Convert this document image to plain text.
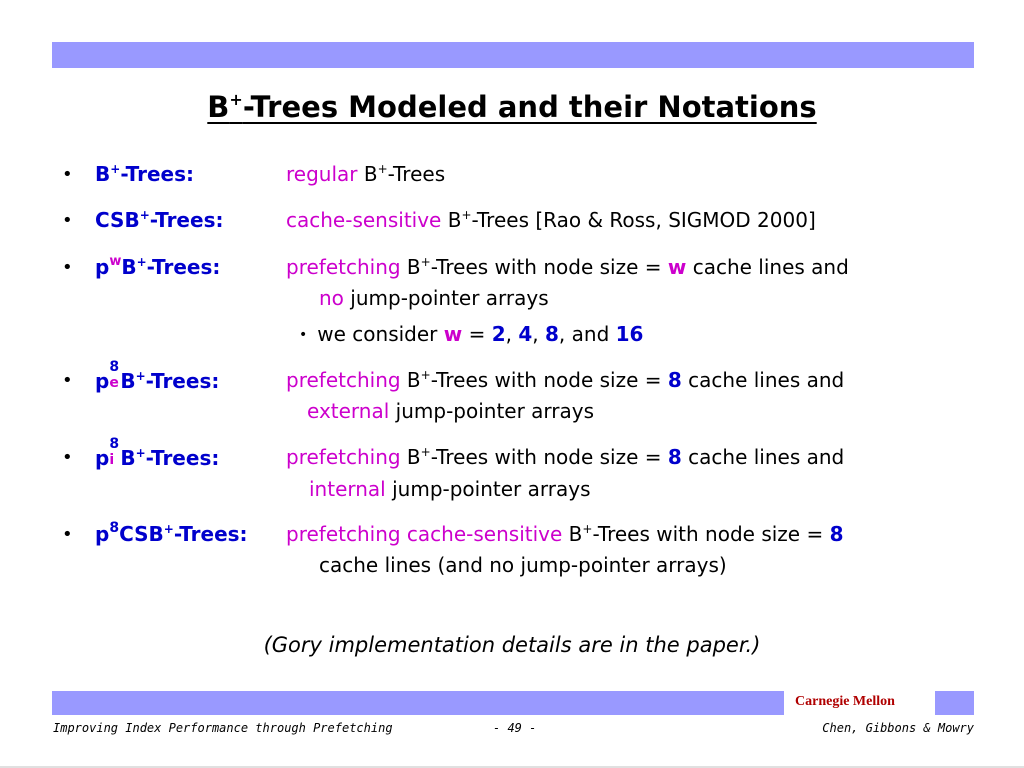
B+-Trees Modeled and their Notations
• B+-Trees:	regular B+-Trees
• CSB+-Trees:	cache-sensitive B+-Trees [Rao & Ross, SIGMOD 2000]
• $p^wB^+$-Trees:	prefetching B+-Trees with node size = w cache lines and
no jump-pointer arrays
• we consider w = 2, 4, 8, and 16
• p
8
e B+-Trees:	prefetching B+-Trees with node size = 8 cache lines and
external jump-pointer arrays
• p
8
i B+-Trees:	prefetching B+-Trees with node size = 8 cache lines and
internal jump-pointer arrays
• $p^8CSB^+$-Trees: prefetching cache-sensitive B+-Trees with node size = 8
cache lines (and no jump-pointer arrays)
(Gory implementation details are in the paper.)
Carnegie Mellon
Improving Index Performance through Prefetching	- 49 -	Chen, Gibbons & Mowry
